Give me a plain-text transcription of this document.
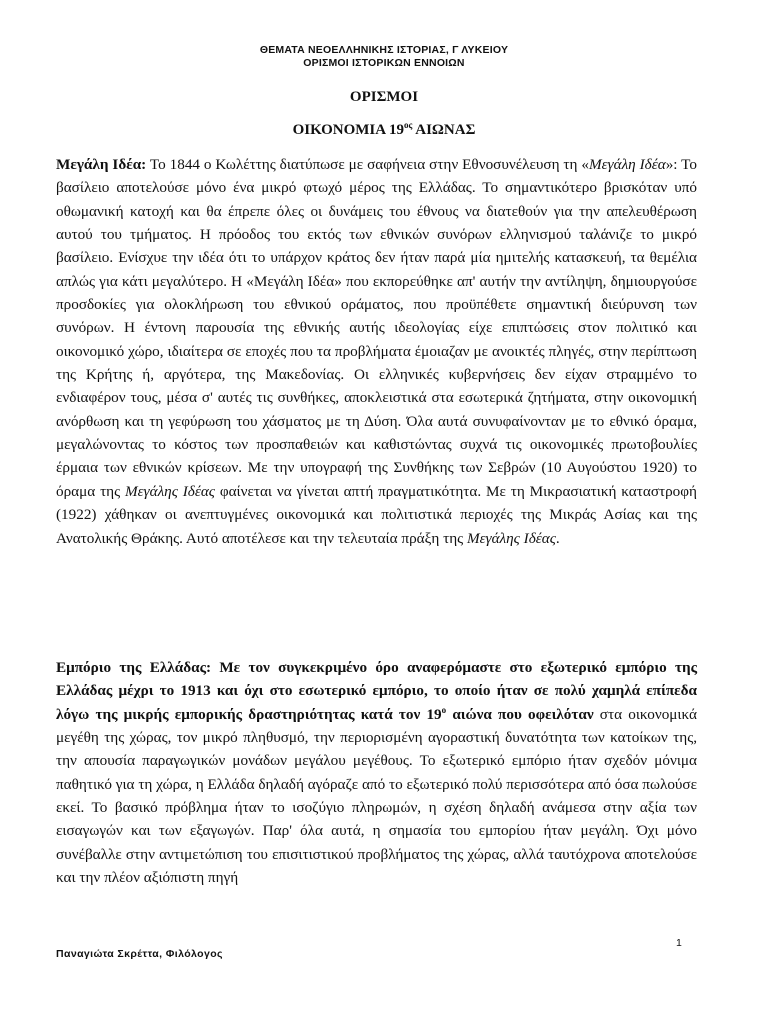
ΘΕΜΑΤΑ ΝΕΟΕΛΛΗΝΙΚΗΣ ΙΣΤΟΡΙΑΣ, Γ ΛΥΚΕΙΟΥ
ΟΡΙΣΜΟΙ ΙΣΤΟΡΙΚΩΝ ΕΝΝΟΙΩΝ
ΟΡΙΣΜΟΙ
ΟΙΚΟΝΟΜΙΑ $19^{o\varsigma}$ ΑΙΩΝΑΣ

Μεγάλη Ιδέα: Το 1844 ο Κωλέττης διατύπωσε με σαφήνεια στην Εθνοσυνέλευση τη «Μεγάλη Ιδέα»: Το βασίλειο αποτελούσε μόνο ένα μικρό φτωχό μέρος της Ελλάδας. Το σημαντικότερο βρισκόταν υπό οθωμανική κατοχή και θα έπρεπε όλες οι δυνάμεις του έθνους να διατεθούν για την απελευθέρωση αυτού του τμήματος. Η πρόοδος του εκτός των εθνικών συνόρων ελληνισμού ταλάνιζε το μικρό βασίλειο. Ενίσχυε την ιδέα ότι το υπάρχον κράτος δεν ήταν παρά μία ημιτελής κατασκευή, τα θεμέλια απλώς για κάτι μεγαλύτερο. Η «Μεγάλη Ιδέα» που εκπορεύθηκε απ' αυτήν την αντίληψη, δημιουργούσε προσδοκίες για ολοκλήρωση του εθνικού οράματος, που προϋπέθετε σημαντική διεύρυνση των συνόρων. Η έντονη παρουσία της εθνικής αυτής ιδεολογίας είχε επιπτώσεις στον πολιτικό και οικονομικό χώρο, ιδιαίτερα σε εποχές που τα προβλήματα έμοιαζαν με ανοικτές πληγές, στην περίπτωση της Κρήτης ή, αργότερα, της Μακεδονίας. Οι ελληνικές κυβερνήσεις δεν είχαν στραμμένο το ενδιαφέρον τους, μέσα σ' αυτές τις συνθήκες, αποκλειστικά στα εσωτερικά ζητήματα, στην οικονομική ανόρθωση και τη γεφύρωση του χάσματος με τη Δύση. Όλα αυτά συνυφαίνονταν με το εθνικό όραμα, μεγαλώνοντας το κόστος των προσπαθειών και καθιστώντας συχνά τις οικονομικές πρωτοβουλίες έρμαια των εθνικών κρίσεων. Με την υπογραφή της Συνθήκης των Σεβρών (10 Αυγούστου 1920) το όραμα της Μεγάλης Ιδέας φαίνεται να γίνεται απτή πραγματικότητα. Με τη Μικρασιατική καταστροφή (1922) χάθηκαν οι ανεπτυγμένες οικονομικά και πολιτιστικά περιοχές της Μικράς Ασίας και της Ανατολικής Θράκης. Αυτό αποτέλεσε και την τελευταία πράξη της Μεγάλης Ιδέας.

Εμπόριο της Ελλάδας: Με τον συγκεκριμένο όρο αναφερόμαστε στο εξωτερικό εμπόριο της Ελλάδας μέχρι το 1913 και όχι στο εσωτερικό εμπόριο, το οποίο ήταν σε πολύ χαμηλά επίπεδα λόγω της μικρής εμπορικής δραστηριότητας κατά τον $19^o$ αιώνα που οφειλόταν στα οικονομικά μεγέθη της χώρας, τον μικρό πληθυσμό, την περιορισμένη αγοραστική δυνατότητα των κατοίκων της, την απουσία παραγωγικών μονάδων μεγάλου μεγέθους. Το εξωτερικό εμπόριο ήταν σχεδόν μόνιμα παθητικό για τη χώρα, η Ελλάδα δηλαδή αγόραζε από το εξωτερικό πολύ περισσότερα από όσα πωλούσε εκεί. Το βασικό πρόβλημα ήταν το ισοζύγιο πληρωμών, η σχέση δηλαδή ανάμεσα στην αξία των εισαγωγών και των εξαγωγών. Παρ' όλα αυτά, η σημασία του εμπορίου ήταν μεγάλη. Όχι μόνο συνέβαλλε στην αντιμετώπιση του επισιτιστικού προβλήματος της χώρας, αλλά ταυτόχρονα αποτελούσε και την πλέον αξιόπιστη πηγή

1
Παναγιώτα Σκρέττα, Φιλόλογος
